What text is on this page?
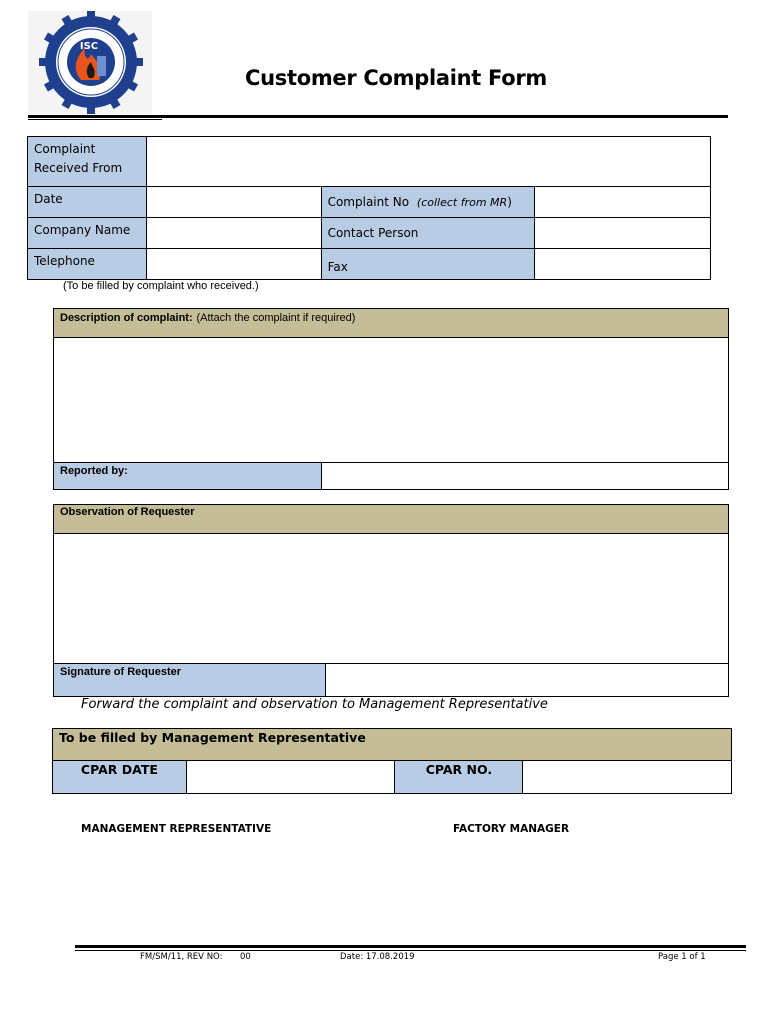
ISC
Customer Complaint Form
Complaint Received From			
Date		Complaint No (collect from MR)	
Company Name		Contact Person	
Telephone		Fax	
(To be filled by complaint who received.)
Description of complaint: (Attach the complaint if required)

Reported by:	
Observation of Requester

Signature of Requester	
Forward the complaint and observation to Management Representative
To be filled by Management Representative
CPAR DATE		CPAR NO.	
MANAGEMENT REPRESENTATIVE	FACTORY MANAGER
FM/SM/11, REV NO: 00	Date: 17.08.2019	Page 1 of 1
